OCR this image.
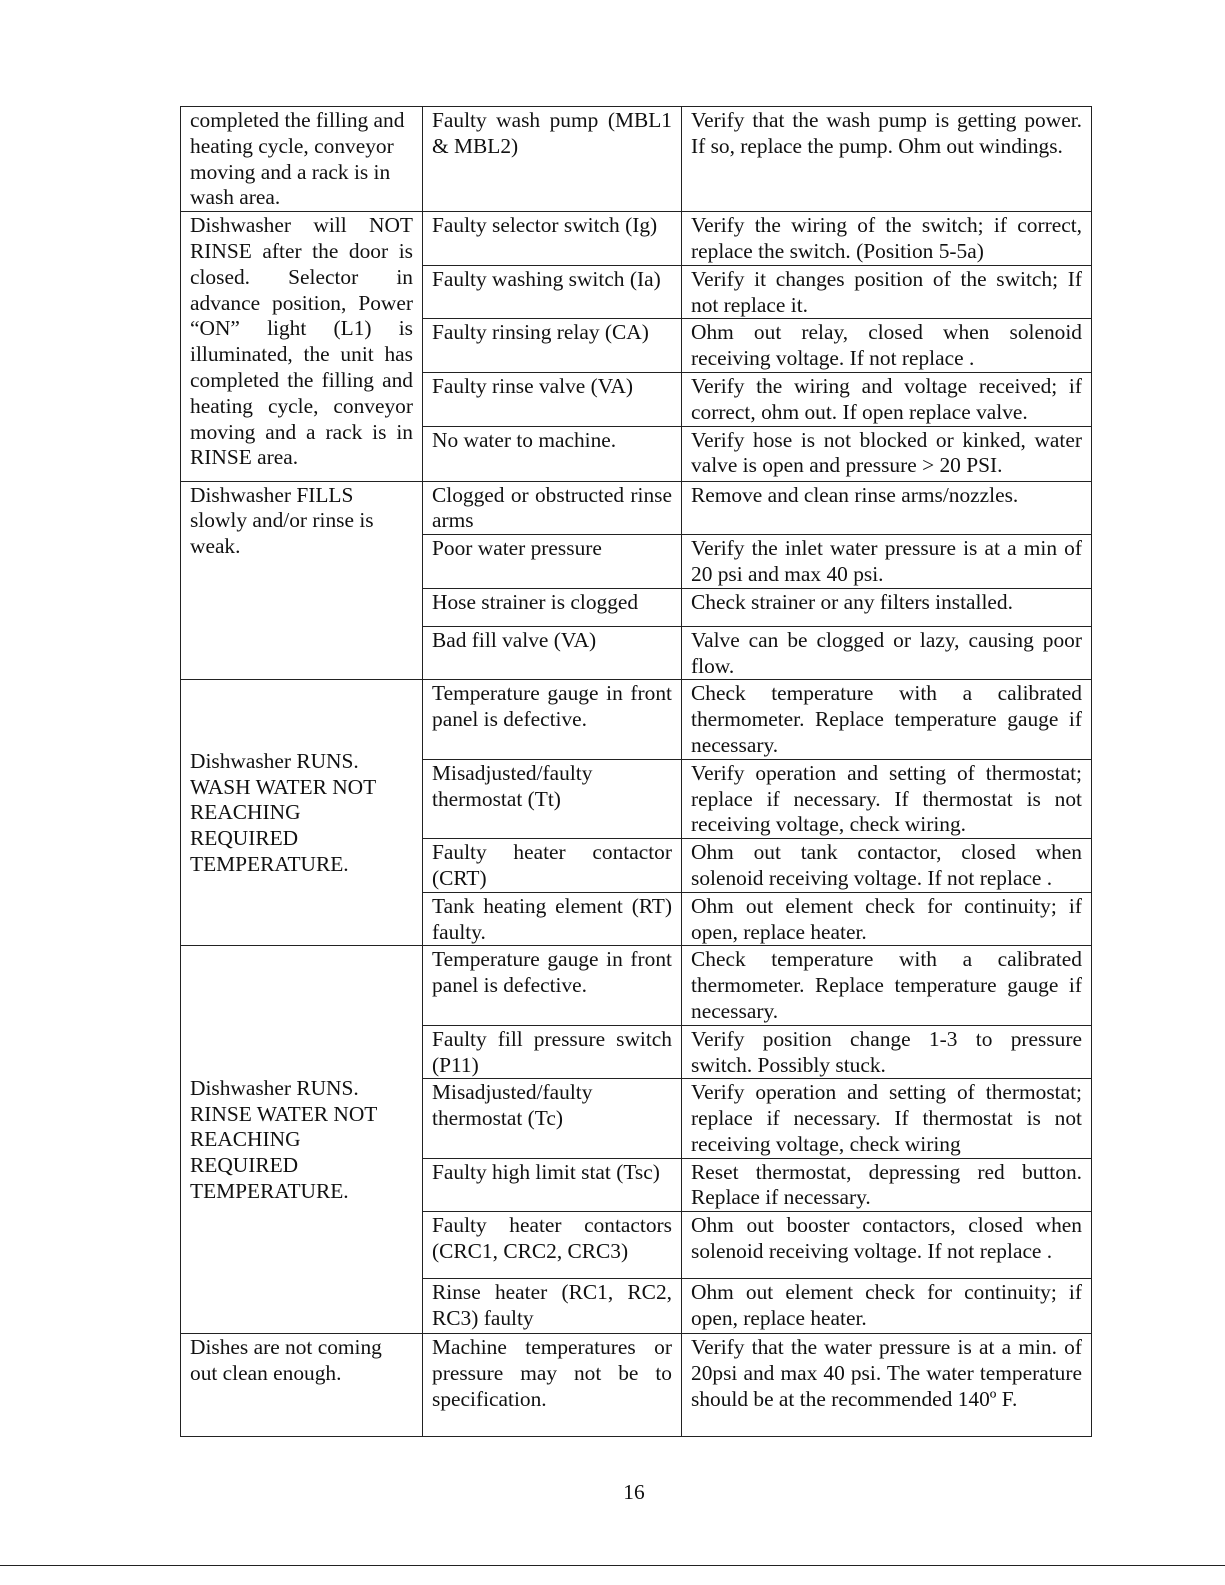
completed the filling and heating cycle, conveyor moving and a rack is in wash area.	Faulty wash pump (MBL1 & MBL2)	Verify that the wash pump is getting power. If so, replace the pump. Ohm out windings.
Dishwasher will NOT RINSE after the door is closed. Selector in advance position, Power “ON” light (L1) is illuminated, the unit has completed the filling and heating cycle, conveyor moving and a rack is in RINSE area.	Faulty selector switch (Ig)	Verify the wiring of the switch; if correct, replace the switch. (Position 5-5a)
	Faulty washing switch (Ia)	Verify it changes position of the switch; If not replace it.
	Faulty rinsing relay (CA)	Ohm out relay, closed when solenoid receiving voltage. If not replace .
	Faulty rinse valve (VA)	Verify the wiring and voltage received; if correct, ohm out. If open replace valve.
	No water to machine.	Verify hose is not blocked or kinked, water valve is open and pressure > 20 PSI.
Dishwasher FILLS slowly and/or rinse is weak.	Clogged or obstructed rinse arms	Remove and clean rinse arms/nozzles.
	Poor water pressure	Verify the inlet water pressure is at a min of 20 psi and max 40 psi.
	Hose strainer is clogged	Check strainer or any filters installed.
	Bad fill valve (VA)	Valve can be clogged or lazy, causing poor flow.
Dishwasher RUNS. WASH WATER NOT REACHING REQUIRED TEMPERATURE.	Temperature gauge in front panel is defective.	Check temperature with a calibrated thermometer. Replace temperature gauge if necessary.
	Misadjusted/faulty thermostat (Tt)	Verify operation and setting of thermostat; replace if necessary. If thermostat is not receiving voltage, check wiring.
	Faulty heater contactor (CRT)	Ohm out tank contactor, closed when solenoid receiving voltage. If not replace .
	Tank heating element (RT) faulty.	Ohm out element check for continuity; if open, replace heater.
Dishwasher RUNS. RINSE WATER NOT REACHING REQUIRED TEMPERATURE.	Temperature gauge in front panel is defective.	Check temperature with a calibrated thermometer. Replace temperature gauge if necessary.
	Faulty fill pressure switch (P11)	Verify position change 1-3 to pressure switch. Possibly stuck.
	Misadjusted/faulty thermostat (Tc)	Verify operation and setting of thermostat; replace if necessary. If thermostat is not receiving voltage, check wiring
	Faulty high limit stat (Tsc)	Reset thermostat, depressing red button. Replace if necessary.
	Faulty heater contactors (CRC1, CRC2, CRC3)	Ohm out booster contactors, closed when solenoid receiving voltage. If not replace .
	Rinse heater (RC1, RC2, RC3) faulty	Ohm out element check for continuity; if open, replace heater.
Dishes are not coming out clean enough.	Machine temperatures or pressure may not be to specification.	Verify that the water pressure is at a min. of 20psi and max 40 psi. The water temperature should be at the recommended 140º F.
16
